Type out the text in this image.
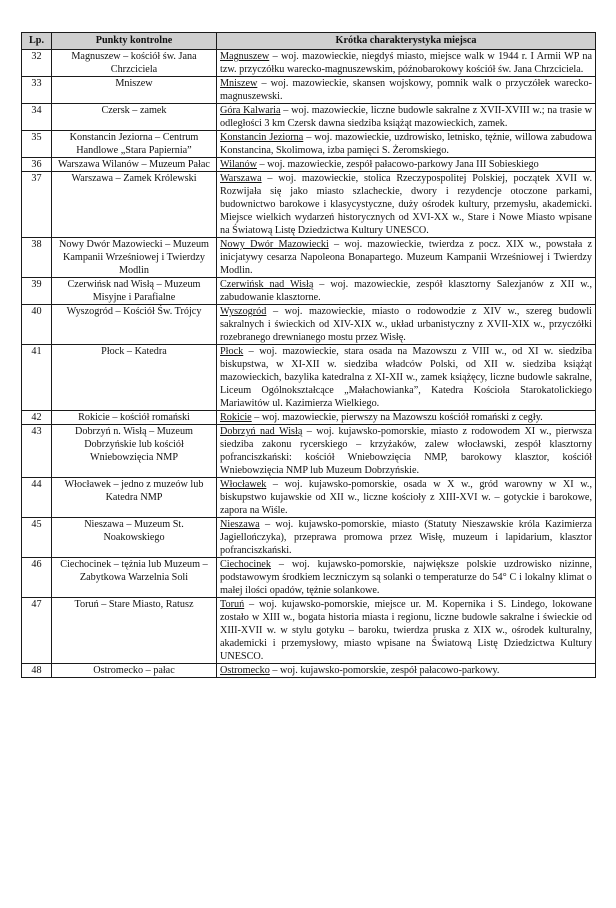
Lp.	Punkty kontrolne	Krótka charakterystyka miejsca
32	Magnuszew – kościół św. Jana Chrzciciela	Magnuszew – woj. mazowieckie, niegdyś miasto, miejsce walk w 1944 r. I Armii WP na tzw. przyczółku warecko-magnuszewskim, późnobarokowy kościół św. Jana Chrzciciela.
33	Mniszew	Mniszew – woj. mazowieckie, skansen wojskowy, pomnik walk o przyczółek warecko-magnuszewski.
34	Czersk – zamek	Góra Kalwaria – woj. mazowieckie, liczne budowle sakralne z XVII-XVIII w.; na trasie w odległości 3 km Czersk dawna siedziba książąt mazowieckich, zamek.
35	Konstancin Jeziorna – Centrum Handlowe „Stara Papiernia”	Konstancin Jeziorna – woj. mazowieckie, uzdrowisko, letnisko, tężnie, willowa zabudowa Konstancina, Skolimowa, izba pamięci S. Żeromskiego.
36	Warszawa Wilanów – Muzeum Pałac	Wilanów – woj. mazowieckie, zespół pałacowo-parkowy Jana III Sobieskiego
37	Warszawa – Zamek Królewski	Warszawa – woj. mazowieckie, stolica Rzeczypospolitej Polskiej, początek XVII w. Rozwijała się jako miasto szlacheckie, dwory i rezydencje otoczone parkami, budownictwo barokowe i klasycystyczne, duży ośrodek kultury, przemysłu, akademicki. Miejsce wielkich wydarzeń historycznych od XVI-XX w., Stare i Nowe Miasto wpisane na Światową Listę Dziedzictwa Kultury UNESCO.
38	Nowy Dwór Mazowiecki – Muzeum Kampanii Wrześniowej i Twierdzy Modlin	Nowy Dwór Mazowiecki – woj. mazowieckie, twierdza z pocz. XIX w., powstała z inicjatywy cesarza Napoleona Bonapartego. Muzeum Kampanii Wrześniowej i Twierdzy Modlin.
39	Czerwińsk nad Wisłą – Muzeum Misyjne i Parafialne	Czerwińsk nad Wisłą – woj. mazowieckie, zespół klasztorny Salezjanów z XII w., zabudowanie klasztorne.
40	Wyszogród – Kościół Św. Trójcy	Wyszogród – woj. mazowieckie, miasto o rodowodzie z XIV w., szereg budowli sakralnych i świeckich od XIV-XIX w., układ urbanistyczny z XVII-XIX w., przyczółki rozebranego drewnianego mostu przez Wisłę.
41	Płock – Katedra	Płock – woj. mazowieckie, stara osada na Mazowszu z VIII w., od XI w. siedziba biskupstwa, w XI-XII w. siedziba władców Polski, od XII w. siedziba książąt mazowieckich, bazylika katedralna z XI-XII w., zamek książęcy, liczne budowle sakralne, Liceum Ogólnokształcące „Małachowianka”, Katedra Kościoła Starokatolickiego Mariawitów ul. Kazimierza Wielkiego.
42	Rokicie – kościół romański	Rokicie – woj. mazowieckie, pierwszy na Mazowszu kościół romański z cegły.
43	Dobrzyń n. Wisłą – Muzeum Dobrzyńskie lub kościół Wniebowzięcia NMP	Dobrzyń nad Wisłą – woj. kujawsko-pomorskie, miasto z rodowodem XI w., pierwsza siedziba zakonu rycerskiego – krzyżaków, zalew włocławski, zespół klasztorny pofranciszkański: kościół Wniebowzięcia NMP, barokowy klasztor, kościół Wniebowzięcia NMP lub Muzeum Dobrzyńskie.
44	Włocławek – jedno z muzeów lub Katedra NMP	Włocławek – woj. kujawsko-pomorskie, osada w X w., gród warowny w XI w., biskupstwo kujawskie od XII w., liczne kościoły z XIII-XVI w. – gotyckie i barokowe, zapora na Wiśle.
45	Nieszawa – Muzeum St. Noakowskiego	Nieszawa – woj. kujawsko-pomorskie, miasto (Statuty Nieszawskie króla Kazimierza Jagiellończyka), przeprawa promowa przez Wisłę, muzeum i lapidarium, klasztor pofranciszkański.
46	Ciechocinek – tężnia lub Muzeum – Zabytkowa Warzelnia Soli	Ciechocinek – woj. kujawsko-pomorskie, największe polskie uzdrowisko nizinne, podstawowym środkiem leczniczym są solanki o temperaturze do 54° C i lokalny klimat o małej ilości opadów, tężnie solankowe.
47	Toruń – Stare Miasto, Ratusz	Toruń – woj. kujawsko-pomorskie, miejsce ur. M. Kopernika i S. Lindego, lokowane zostało w XIII w., bogata historia miasta i regionu, liczne budowle sakralne i świeckie od XIII-XVII w. w stylu gotyku – baroku, twierdza pruska z XIX w., ośrodek kulturalny, akademicki i przemysłowy, miasto wpisane na Światową Listę Dziedzictwa Kultury UNESCO.
48	Ostromecko – pałac	Ostromecko – woj. kujawsko-pomorskie, zespół pałacowo-parkowy.
